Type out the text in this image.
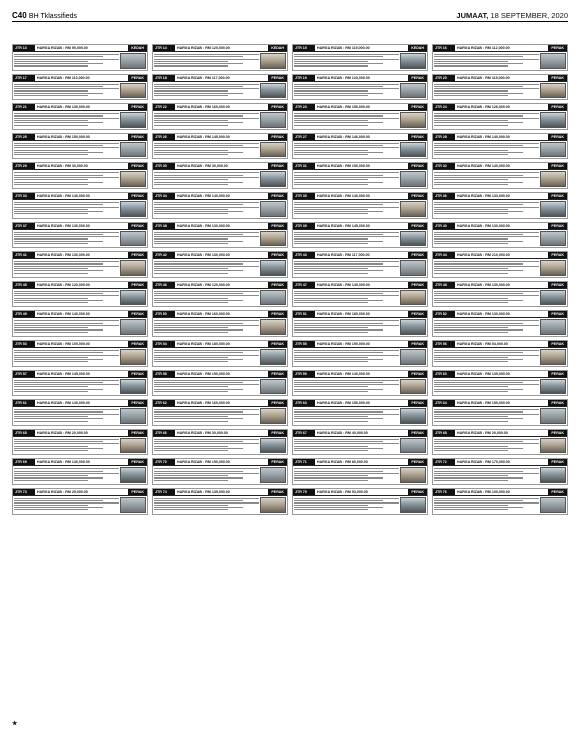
C40 BH Tklassifieds	JUMAAT, 18 SEPTEMBER, 2020
JTR 13	HARGA RIZAB : RM 90,000.00	KEDAH	JTR 14	HARGA RIZAB : RM 120,000.00	KEDAH	JTR 15	HARGA RIZAB : RM 119,000.00	KEDAH	JTR 16	HARGA RIZAB : RM 112,000.00	PERAK
JTR 17	HARGA RIZAB : RM 110,000.00	PERAK	JTR 18	HARGA RIZAB : RM 117,000.00	PERAK	JTR 19	HARGA RIZAB : RM 120,000.00	PERAK	JTR 20	HARGA RIZAB : RM 115,000.00	PERAK
JTR 21	HARGA RIZAB : RM 130,000.00	PERAK	JTR 22	HARGA RIZAB : RM 160,000.00	PERAK	JTR 23	HARGA RIZAB : RM 150,000.00	PERAK	JTR 24	HARGA RIZAB : RM 126,000.00	PERAK
JTR 25	HARGA RIZAB : RM 150,000.00	PERAK	JTR 26	HARGA RIZAB : RM 145,000.00	PERAK	JTR 27	HARGA RIZAB : RM 146,000.00	PERAK	JTR 28	HARGA RIZAB : RM 140,000.00	PERAK
JTR 29	HARGA RIZAB : RM 30,000.00	PERAK	JTR 30	HARGA RIZAB : RM 30,000.00	PERAK	JTR 31	HARGA RIZAB : RM 150,000.00	PERAK	JTR 32	HARGA RIZAB : RM 140,000.00	PERAK
JTR 33	HARGA RIZAB : RM 140,000.00	PERAK	JTR 34	HARGA RIZAB : RM 140,000.00	PERAK	JTR 35	HARGA RIZAB : RM 140,000.00	PERAK	JTR 36	HARGA RIZAB : RM 133,000.00	PERAK
JTR 37	HARGA RIZAB : RM 130,000.00	PERAK	JTR 38	HARGA RIZAB : RM 130,000.00	PERAK	JTR 39	HARGA RIZAB : RM 145,000.00	PERAK	JTR 40	HARGA RIZAB : RM 130,000.00	PERAK
JTR 41	HARGA RIZAB : RM 130,000.00	PERAK	JTR 42	HARGA RIZAB : RM 130,000.00	PERAK	JTR 43	HARGA RIZAB : RM 117,000.00	PERAK	JTR 44	HARGA RIZAB : RM 210,000.00	PERAK
JTR 45	HARGA RIZAB : RM 120,000.00	PERAK	JTR 46	HARGA RIZAB : RM 120,000.00	PERAK	JTR 47	HARGA RIZAB : RM 149,000.00	PERAK	JTR 48	HARGA RIZAB : RM 130,000.00	PERAK
JTR 49	HARGA RIZAB : RM 140,000.00	PERAK	JTR 50	HARGA RIZAB : RM 160,000.00	PERAK	JTR 51	HARGA RIZAB : RM 180,000.00	PERAK	JTR 52	HARGA RIZAB : RM 130,000.00	PERAK
JTR 53	HARGA RIZAB : RM 100,000.00	PERAK	JTR 54	HARGA RIZAB : RM 180,000.00	PERAK	JTR 55	HARGA RIZAB : RM 190,000.00	PERAK	JTR 56	HARGA RIZAB : RM 54,000.00	PERAK
JTR 57	HARGA RIZAB : RM 145,000.00	PERAK	JTR 58	HARGA RIZAB : RM 150,000.00	PERAK	JTR 59	HARGA RIZAB : RM 140,000.00	PERAK	JTR 60	HARGA RIZAB : RM 135,000.00	PERAK
JTR 61	HARGA RIZAB : RM 140,000.00	PERAK	JTR 62	HARGA RIZAB : RM 160,000.00	PERAK	JTR 63	HARGA RIZAB : RM 150,000.00	PERAK	JTR 64	HARGA RIZAB : RM 150,000.00	PERAK
JTR 65	HARGA RIZAB : RM 20,000.00	PERAK	JTR 66	HARGA RIZAB : RM 30,000.00	PERAK	JTR 67	HARGA RIZAB : RM 40,000.00	PERAK	JTR 68	HARGA RIZAB : RM 20,000.00	PERAK
JTR 69	HARGA RIZAB : RM 130,000.00	PERAK	JTR 70	HARGA RIZAB : RM 150,000.00	PERAK	JTR 71	HARGA RIZAB : RM 80,000.00	PERAK	JTR 72	HARGA RIZAB : RM 170,000.00	PERAK
JTR 73	HARGA RIZAB : RM 25,000.00	PERAK	JTR 74	HARGA RIZAB : RM 135,000.00	PERAK	JTR 75	HARGA RIZAB : RM 53,000.00	PERAK	JTR 76	HARGA RIZAB : RM 100,000.00	PERAK
★
